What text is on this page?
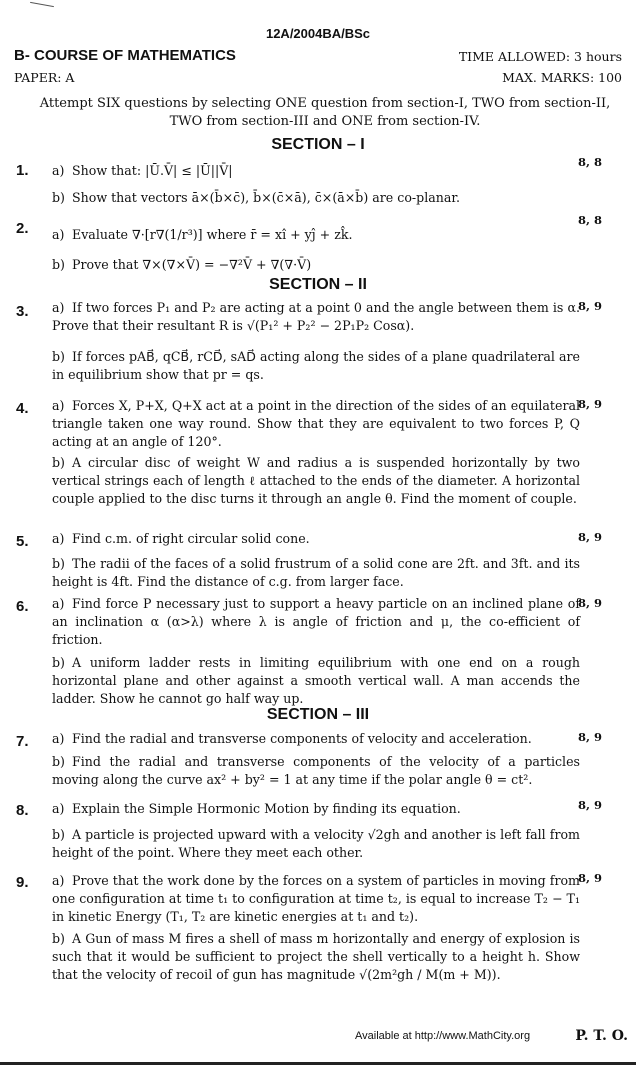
12A/2004BA/BSc
B- COURSE OF MATHEMATICS
PAPER: A
TIME ALLOWED: 3 hours
MAX. MARKS: 100
Attempt SIX questions by selecting ONE question from section-I, TWO from section-II, TWO from section-III and ONE from section-IV.
SECTION – I
SECTION – II
SECTION – III
1.	8, 8
a) Show that: |Ū.V̄| ≤ |Ū||V̄|
b) Show that vectors ā×(b̄×c̄), b̄×(c̄×ā), c̄×(ā×b̄) are co-planar.
2.	8, 8
a) Evaluate ∇·[r∇(1/r³)] where r̄ = xî + yĵ + zk̂.
b) Prove that ∇×(∇×V̄) = −∇²V̄ + ∇(∇·V̄)
3.	8, 9
a) If two forces P₁ and P₂ are acting at a point 0 and the angle between them is α. Prove that their resultant R is √(P₁² + P₂² − 2P₁P₂ Cosα).
b) If forces pAB⃗, qCB⃗, rCD⃗, sAD⃗ acting along the sides of a plane quadrilateral are in equilibrium show that pr = qs.
4.	8, 9
a) Forces X, P+X, Q+X act at a point in the direction of the sides of an equilateral triangle taken one way round. Show that they are equivalent to two forces P, Q acting at an angle of 120°.
b) A circular disc of weight W and radius a is suspended horizontally by two vertical strings each of length ℓ attached to the ends of the diameter. A horizontal couple applied to the disc turns it through an angle θ. Find the moment of couple.
5.	8, 9
a) Find c.m. of right circular solid cone.
b) The radii of the faces of a solid frustrum of a solid cone are 2ft. and 3ft. and its height is 4ft. Find the distance of c.g. from larger face.
6.	8, 9
a) Find force P necessary just to support a heavy particle on an inclined plane of an inclination α (α>λ) where λ is angle of friction and μ, the co-efficient of friction.
b) A uniform ladder rests in limiting equilibrium with one end on a rough horizontal plane and other against a smooth vertical wall. A man accends the ladder. Show he cannot go half way up.
7.	8, 9
a) Find the radial and transverse components of velocity and acceleration.
b) Find the radial and transverse components of the velocity of a particles moving along the curve ax² + by² = 1 at any time if the polar angle θ = ct².
8.	8, 9
a) Explain the Simple Hormonic Motion by finding its equation.
b) A particle is projected upward with a velocity √2gh and another is left fall from height of the point. Where they meet each other.
9.	8, 9
a) Prove that the work done by the forces on a system of particles in moving from one configuration at time t₁ to configuration at time t₂, is equal to increase T₂ − T₁ in kinetic Energy (T₁, T₂ are kinetic energies at t₁ and t₂).
b) A Gun of mass M fires a shell of mass m horizontally and energy of explosion is such that it would be sufficient to project the shell vertically to a height h. Show that the velocity of recoil of gun has magnitude √(2m²gh / M(m + M)).
Available at http://www.MathCity.org	P. T. O.
